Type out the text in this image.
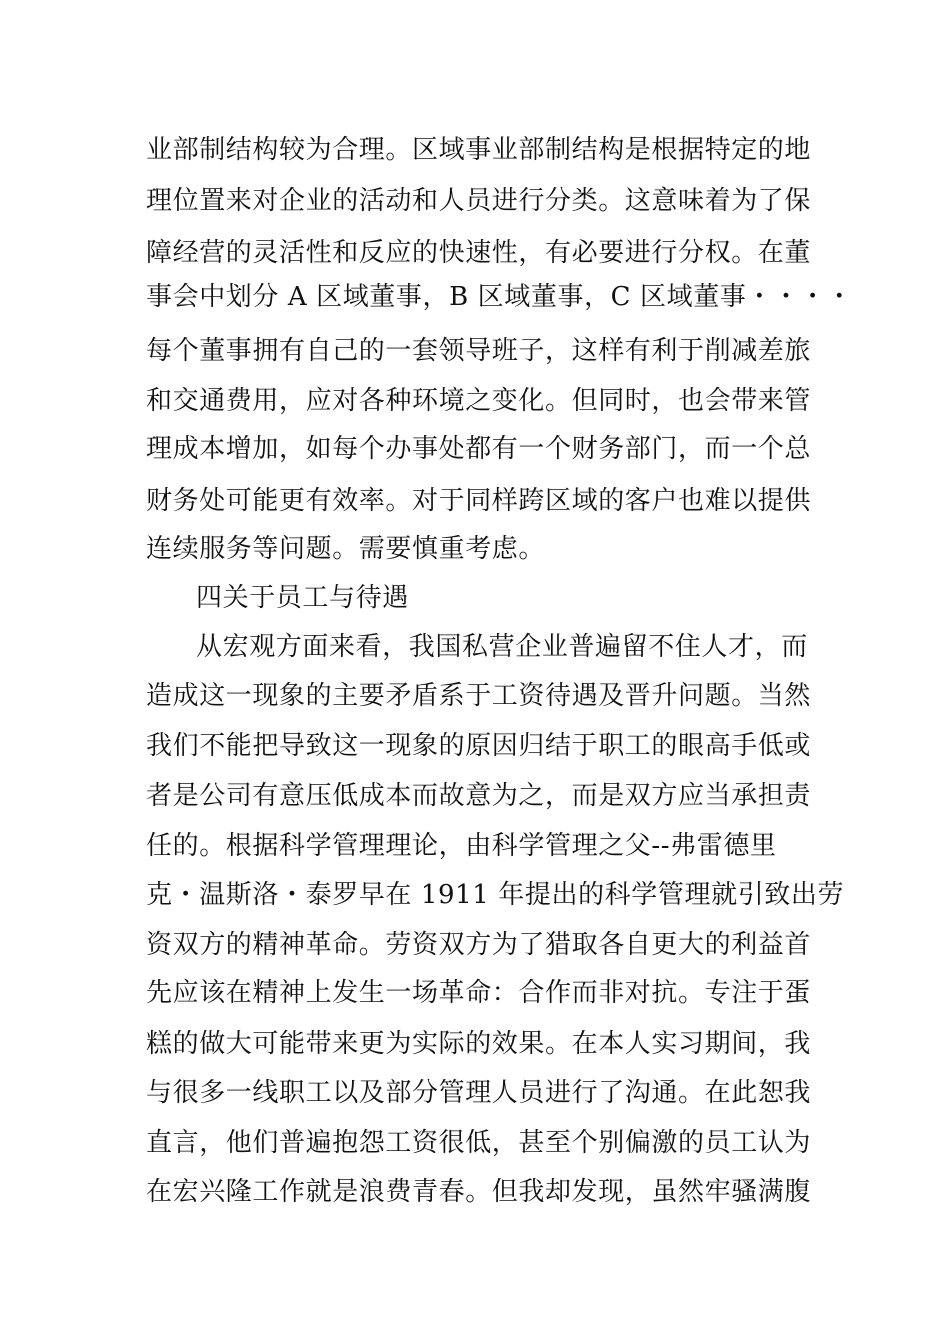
业部制结构较为合理。区域事业部制结构是根据特定的地
理位置来对企业的活动和人员进行分类。这意味着为了保
障经营的灵活性和反应的快速性，有必要进行分权。在董
事会中划分 A 区域董事，B 区域董事，C 区域董事・・・・
每个董事拥有自己的一套领导班子，这样有利于削减差旅
和交通费用，应对各种环境之变化。但同时，也会带来管
理成本增加，如每个办事处都有一个财务部门，而一个总
财务处可能更有效率。对于同样跨区域的客户也难以提供
连续服务等问题。需要慎重考虑。
四关于员工与待遇
从宏观方面来看，我国私营企业普遍留不住人才，而
造成这一现象的主要矛盾系于工资待遇及晋升问题。当然
我们不能把导致这一现象的原因归结于职工的眼高手低或
者是公司有意压低成本而故意为之，而是双方应当承担责
任的。根据科学管理理论，由科学管理之父--弗雷德里
克・温斯洛・泰罗早在 1911 年提出的科学管理就引致出劳
资双方的精神革命。劳资双方为了猎取各自更大的利益首
先应该在精神上发生一场革命：合作而非对抗。专注于蛋
糕的做大可能带来更为实际的效果。在本人实习期间，我
与很多一线职工以及部分管理人员进行了沟通。在此恕我
直言，他们普遍抱怨工资很低，甚至个别偏激的员工认为
在宏兴隆工作就是浪费青春。但我却发现，虽然牢骚满腹
